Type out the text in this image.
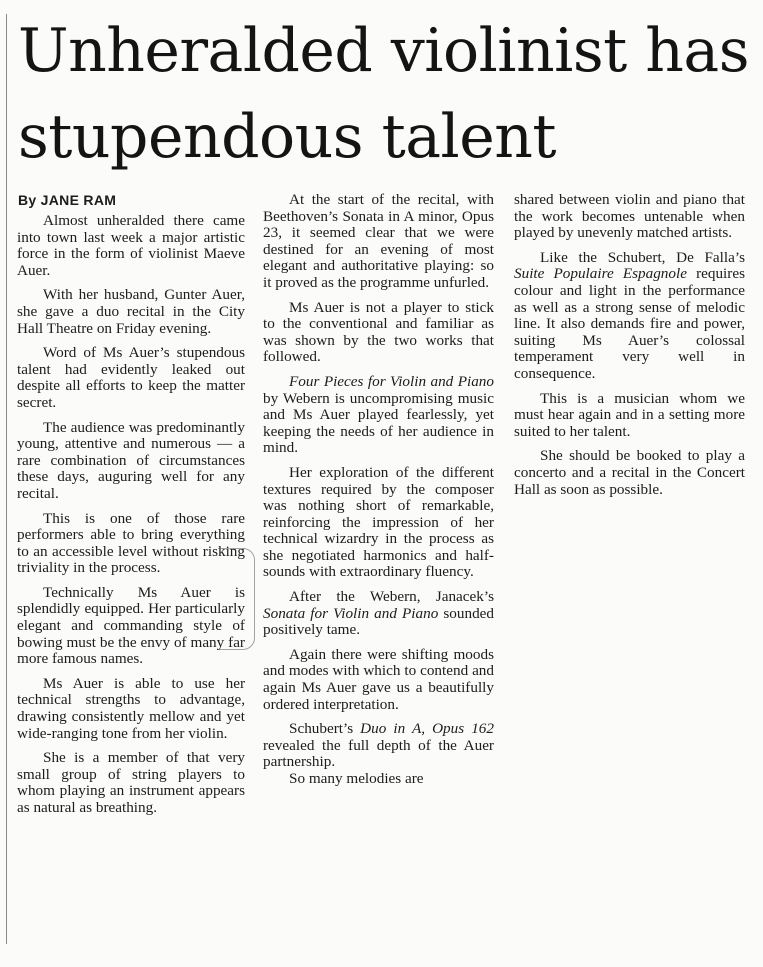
Unheralded violinist has
stupendous talent

By JANE RAM

Almost unheralded there came into town last week a major artistic force in the form of violinist Maeve Auer.

With her husband, Gunter Auer, she gave a duo recital in the City Hall Theatre on Friday evening.

Word of Ms Auer’s stupendous talent had evidently leaked out despite all efforts to keep the matter secret.

The audience was predominantly young, attentive and numerous — a rare combination of circumstances these days, auguring well for any recital.

This is one of those rare performers able to bring everything to an accessible level without risking triviality in the process.

Technically Ms Auer is splendidly equipped. Her particularly elegant and commanding style of bowing must be the envy of many far more famous names.

Ms Auer is able to use her technical strengths to advantage, drawing consistently mellow and yet wide-ranging tone from her violin.

She is a member of that very small group of string players to whom playing an instrument appears as natural as breathing.

At the start of the recital, with Beethoven’s Sonata in A minor, Opus 23, it seemed clear that we were destined for an evening of most elegant and authoritative playing: so it proved as the programme unfurled.

Ms Auer is not a player to stick to the conventional and familiar as was shown by the two works that followed.

Four Pieces for Violin and Piano by Webern is uncompromising music and Ms Auer played fearlessly, yet keeping the needs of her audience in mind.

Her exploration of the different textures required by the composer was nothing short of remarkable, reinforcing the impression of her technical wizardry in the process as she negotiated harmonics and half-sounds with extraordinary fluency.

After the Webern, Janacek’s Sonata for Violin and Piano sounded positively tame.

Again there were shifting moods and modes with which to contend and again Ms Auer gave us a beautifully ordered interpretation.

Schubert’s Duo in A, Opus 162 revealed the full depth of the Auer partnership.

So many melodies are

shared between violin and piano that the work becomes untenable when played by unevenly matched artists.

Like the Schubert, De Falla’s Suite Populaire Espagnole requires colour and light in the performance as well as a strong sense of melodic line. It also demands fire and power, suiting Ms Auer’s colossal temperament very well in consequence.

This is a musician whom we must hear again and in a setting more suited to her talent.

She should be booked to play a concerto and a recital in the Concert Hall as soon as possible.
